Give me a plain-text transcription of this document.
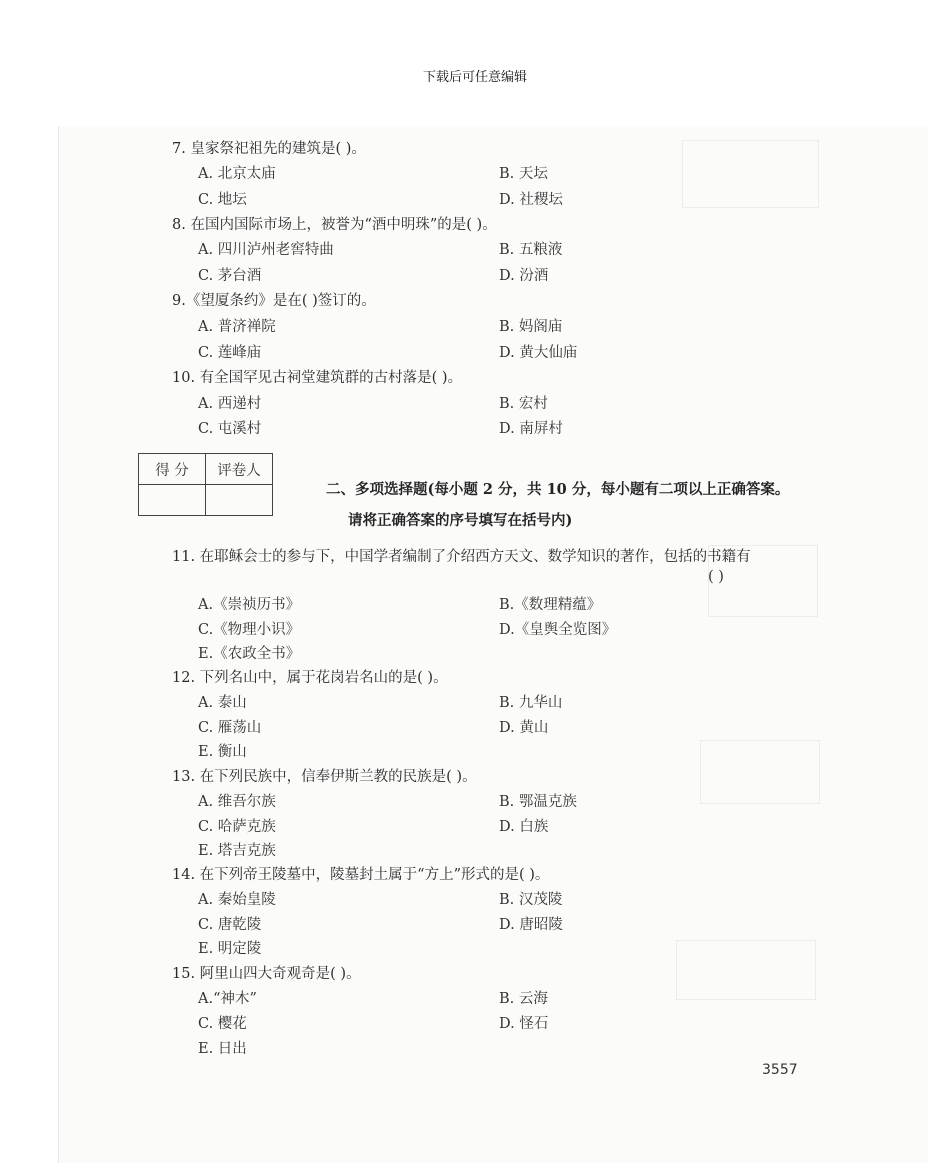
下载后可任意编辑
7. 皇家祭祀祖先的建筑是( )。
A. 北京太庙	B. 天坛
C. 地坛	D. 社稷坛
8. 在国内国际市场上，被誉为“酒中明珠”的是( )。
A. 四川泸州老窖特曲	B. 五粮液
C. 茅台酒	D. 汾酒
9.《望厦条约》是在( )签订的。
A. 普济禅院	B. 妈阁庙
C. 莲峰庙	D. 黄大仙庙
10. 有全国罕见古祠堂建筑群的古村落是( )。
A. 西递村	B. 宏村
C. 屯溪村	D. 南屏村
得 分	评卷人

二、多项选择题(每小题 2 分，共 10 分，每小题有二项以上正确答案。
请将正确答案的序号填写在括号内)
11. 在耶稣会士的参与下，中国学者编制了介绍西方天文、数学知识的著作，包括的书籍有
( )
A.《崇祯历书》	B.《数理精蕴》
C.《物理小识》	D.《皇舆全览图》
E.《农政全书》
12. 下列名山中，属于花岗岩名山的是( )。
A. 泰山	B. 九华山
C. 雁荡山	D. 黄山
E. 衡山
13. 在下列民族中，信奉伊斯兰教的民族是( )。
A. 维吾尔族	B. 鄂温克族
C. 哈萨克族	D. 白族
E. 塔吉克族
14. 在下列帝王陵墓中，陵墓封土属于“方上”形式的是( )。
A. 秦始皇陵	B. 汉茂陵
C. 唐乾陵	D. 唐昭陵
E. 明定陵
15. 阿里山四大奇观奇是( )。
A.“神木”	B. 云海
C. 樱花	D. 怪石
E. 日出
3557
